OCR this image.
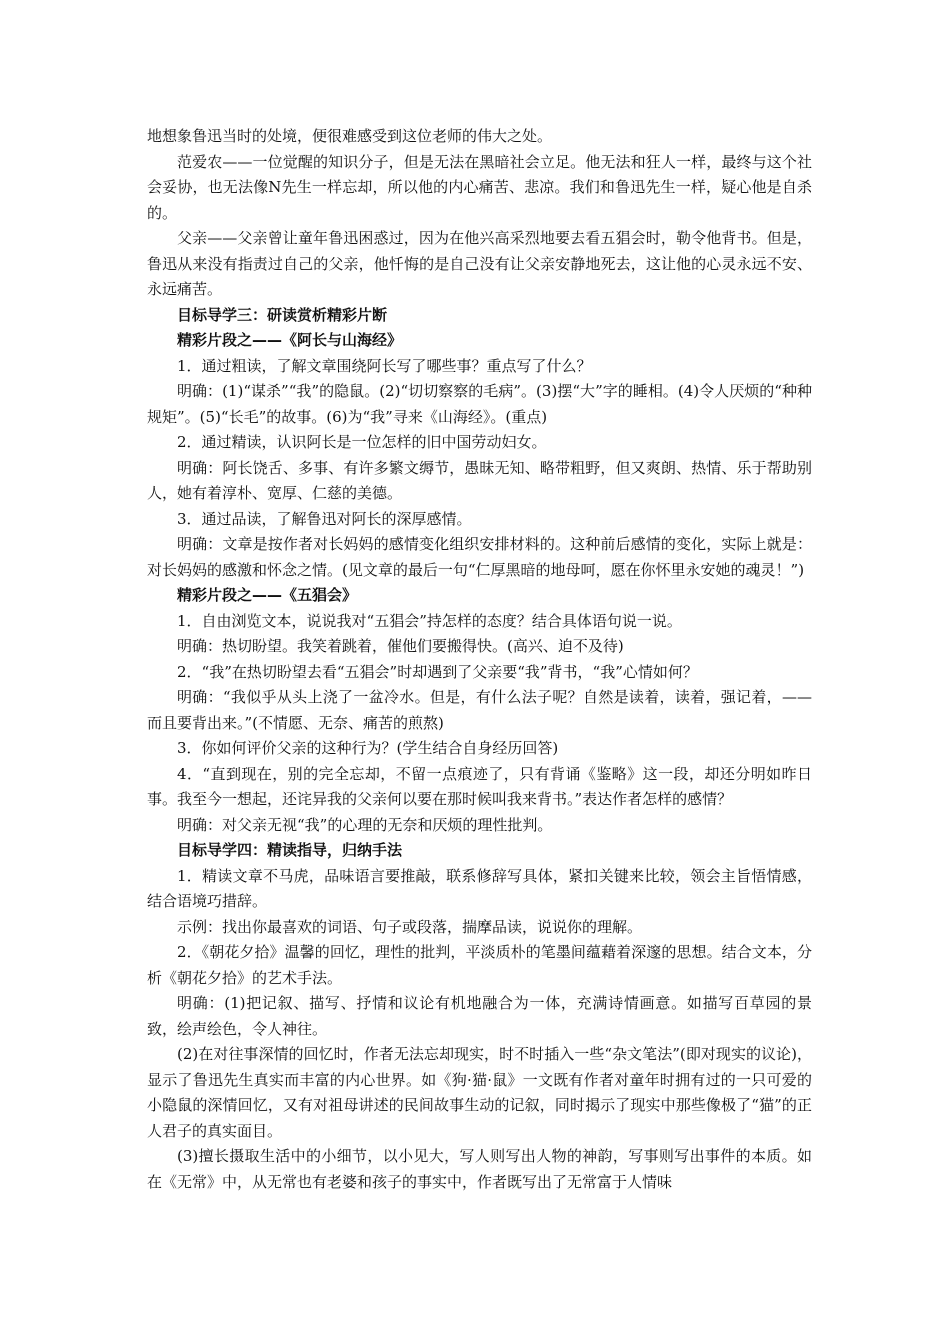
地想象鲁迅当时的处境，便很难感受到这位老师的伟大之处。
范爱农——一位觉醒的知识分子，但是无法在黑暗社会立足。他无法和狂人一样，最终与这个社会妥协，也无法像N先生一样忘却，所以他的内心痛苦、悲凉。我们和鲁迅先生一样，疑心他是自杀的。
父亲——父亲曾让童年鲁迅困惑过，因为在他兴高采烈地要去看五猖会时，勒令他背书。但是，鲁迅从来没有指责过自己的父亲，他忏悔的是自己没有让父亲安静地死去，这让他的心灵永远不安、永远痛苦。
目标导学三：研读赏析精彩片断
精彩片段之——《阿长与山海经》
1．通过粗读，了解文章围绕阿长写了哪些事？重点写了什么？
明确：(1)“谋杀”“我”的隐鼠。(2)“切切察察的毛病”。(3)摆“大”字的睡相。(4)令人厌烦的“种种规矩”。(5)“长毛”的故事。(6)为“我”寻来《山海经》。(重点)
2．通过精读，认识阿长是一位怎样的旧中国劳动妇女。
明确：阿长饶舌、多事、有许多繁文缛节，愚昧无知、略带粗野，但又爽朗、热情、乐于帮助别人，她有着淳朴、宽厚、仁慈的美德。
3．通过品读，了解鲁迅对阿长的深厚感情。
明确：文章是按作者对长妈妈的感情变化组织安排材料的。这种前后感情的变化，实际上就是：对长妈妈的感激和怀念之情。(见文章的最后一句“仁厚黑暗的地母呵，愿在你怀里永安她的魂灵！”)
精彩片段之——《五猖会》
1．自由浏览文本，说说我对“五猖会”持怎样的态度？结合具体语句说一说。
明确：热切盼望。我笑着跳着，催他们要搬得快。(高兴、迫不及待)
2．“我”在热切盼望去看“五猖会”时却遇到了父亲要“我”背书，“我”心情如何？
明确：“我似乎从头上浇了一盆冷水。但是，有什么法子呢？自然是读着，读着，强记着，——而且要背出来。”(不情愿、无奈、痛苦的煎熬)
3．你如何评价父亲的这种行为？(学生结合自身经历回答)
4．“直到现在，别的完全忘却，不留一点痕迹了，只有背诵《鉴略》这一段，却还分明如昨日事。我至今一想起，还诧异我的父亲何以要在那时候叫我来背书。”表达作者怎样的感情？
明确：对父亲无视“我”的心理的无奈和厌烦的理性批判。
目标导学四：精读指导，归纳手法
1．精读文章不马虎，品味语言要推敲，联系修辞写具体，紧扣关键来比较，领会主旨悟情感，结合语境巧措辞。
示例：找出你最喜欢的词语、句子或段落，揣摩品读，说说你的理解。
2．《朝花夕拾》温馨的回忆，理性的批判，平淡质朴的笔墨间蕴藉着深邃的思想。结合文本，分析《朝花夕拾》的艺术手法。
明确：(1)把记叙、描写、抒情和议论有机地融合为一体，充满诗情画意。如描写百草园的景致，绘声绘色，令人神往。
(2)在对往事深情的回忆时，作者无法忘却现实，时不时插入一些“杂文笔法”(即对现实的议论)，显示了鲁迅先生真实而丰富的内心世界。如《狗·猫·鼠》一文既有作者对童年时拥有过的一只可爱的小隐鼠的深情回忆，又有对祖母讲述的民间故事生动的记叙，同时揭示了现实中那些像极了“猫”的正人君子的真实面目。
(3)擅长摄取生活中的小细节，以小见大，写人则写出人物的神韵，写事则写出事件的本质。如在《无常》中，从无常也有老婆和孩子的事实中，作者既写出了无常富于人情味
